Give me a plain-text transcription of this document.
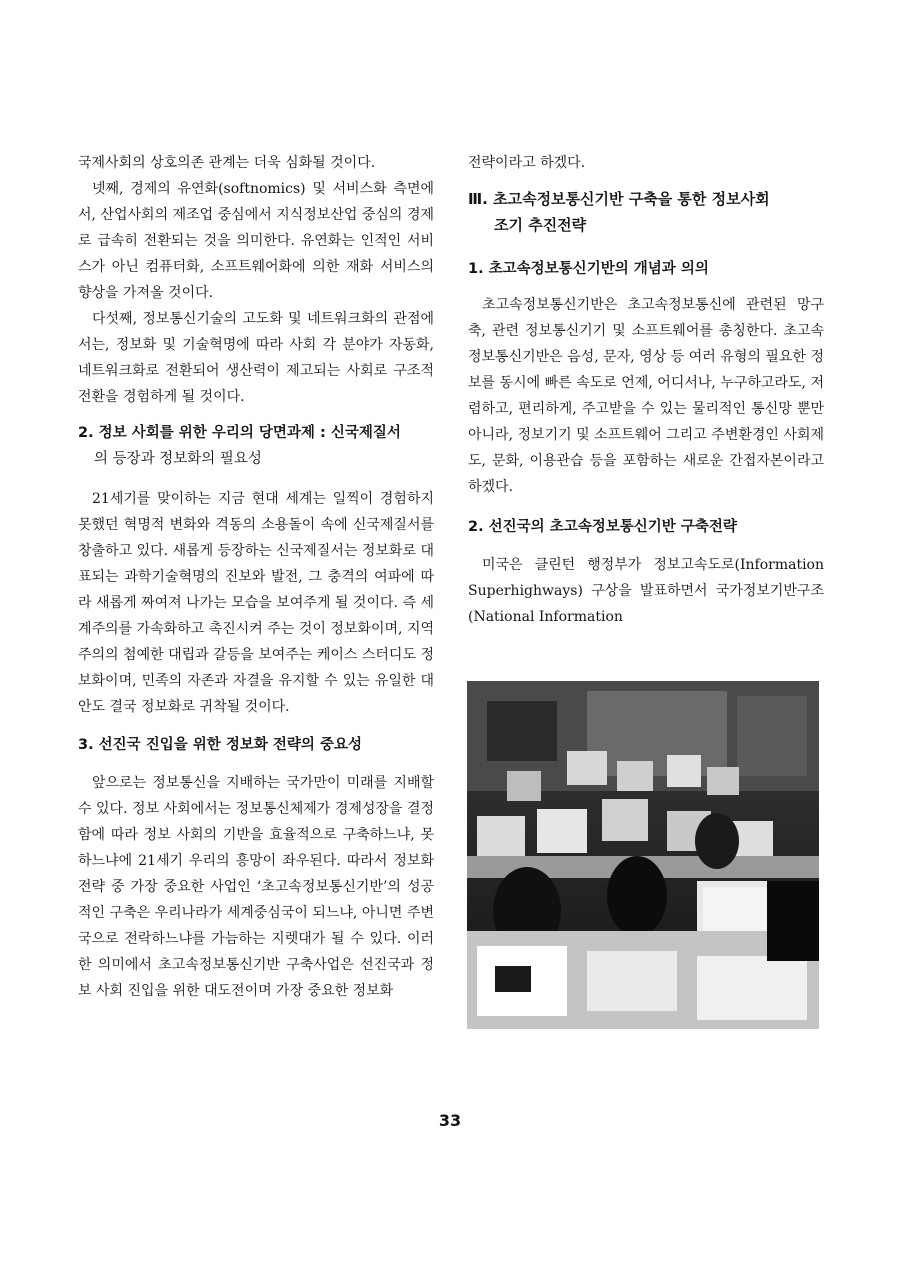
국제사회의 상호의존 관계는 더욱 심화될 것이다.

넷째, 경제의 유연화(softnomics) 및 서비스화 측면에서, 산업사회의 제조업 중심에서 지식정보산업 중심의 경제로 급속히 전환되는 것을 의미한다. 유연화는 인적인 서비스가 아닌 컴퓨터화, 소프트웨어화에 의한 재화 서비스의 향상을 가져올 것이다.

다섯째, 정보통신기술의 고도화 및 네트워크화의 관점에서는, 정보화 및 기술혁명에 따라 사회 각 분야가 자동화, 네트워크화로 전환되어 생산력이 제고되는 사회로 구조적 전환을 경험하게 될 것이다.

2. 정보 사회를 위한 우리의 당면과제 : 신국제질서
의 등장과 정보화의 필요성

21세기를 맞이하는 지금 현대 세계는 일찍이 경험하지 못했던 혁명적 변화와 격동의 소용돌이 속에 신국제질서를 창출하고 있다. 새롭게 등장하는 신국제질서는 정보화로 대표되는 과학기술혁명의 진보와 발전, 그 충격의 여파에 따라 새롭게 짜여져 나가는 모습을 보여주게 될 것이다. 즉 세계주의를 가속화하고 촉진시켜 주는 것이 정보화이며, 지역주의의 첨예한 대립과 갈등을 보여주는 케이스 스터디도 정보화이며, 민족의 자존과 자결을 유지할 수 있는 유일한 대안도 결국 정보화로 귀착될 것이다.

3. 선진국 진입을 위한 정보화 전략의 중요성

앞으로는 정보통신을 지배하는 국가만이 미래를 지배할 수 있다. 정보 사회에서는 정보통신체제가 경제성장을 결정함에 따라 정보 사회의 기반을 효율적으로 구축하느냐, 못하느냐에 21세기 우리의 흥망이 좌우된다. 따라서 정보화 전략 중 가장 중요한 사업인 ‘초고속정보통신기반’의 성공적인 구축은 우리나라가 세계중심국이 되느냐, 아니면 주변국으로 전락하느냐를 가늠하는 지렛대가 될 수 있다. 이러한 의미에서 초고속정보통신기반 구축사업은 선진국과 정보 사회 진입을 위한 대도전이며 가장 중요한 정보화

전략이라고 하겠다.

Ⅲ. 초고속정보통신기반 구축을 통한 정보사회
조기 추진전략
1. 초고속정보통신기반의 개념과 의의

초고속정보통신기반은 초고속정보통신에 관련된 망구축, 관련 정보통신기기 및 소프트웨어를 총칭한다. 초고속정보통신기반은 음성, 문자, 영상 등 여러 유형의 필요한 정보를 동시에 빠른 속도로 언제, 어디서나, 누구하고라도, 저렴하고, 편리하게, 주고받을 수 있는 물리적인 통신망 뿐만 아니라, 정보기기 및 소프트웨어 그리고 주변환경인 사회제도, 문화, 이용관습 등을 포함하는 새로운 간접자본이라고 하겠다.

2. 선진국의 초고속정보통신기반 구축전략

미국은 클린턴 행정부가 정보고속도로(Information Superhighways) 구상을 발표하면서 국가정보기반구조(National Information

33
